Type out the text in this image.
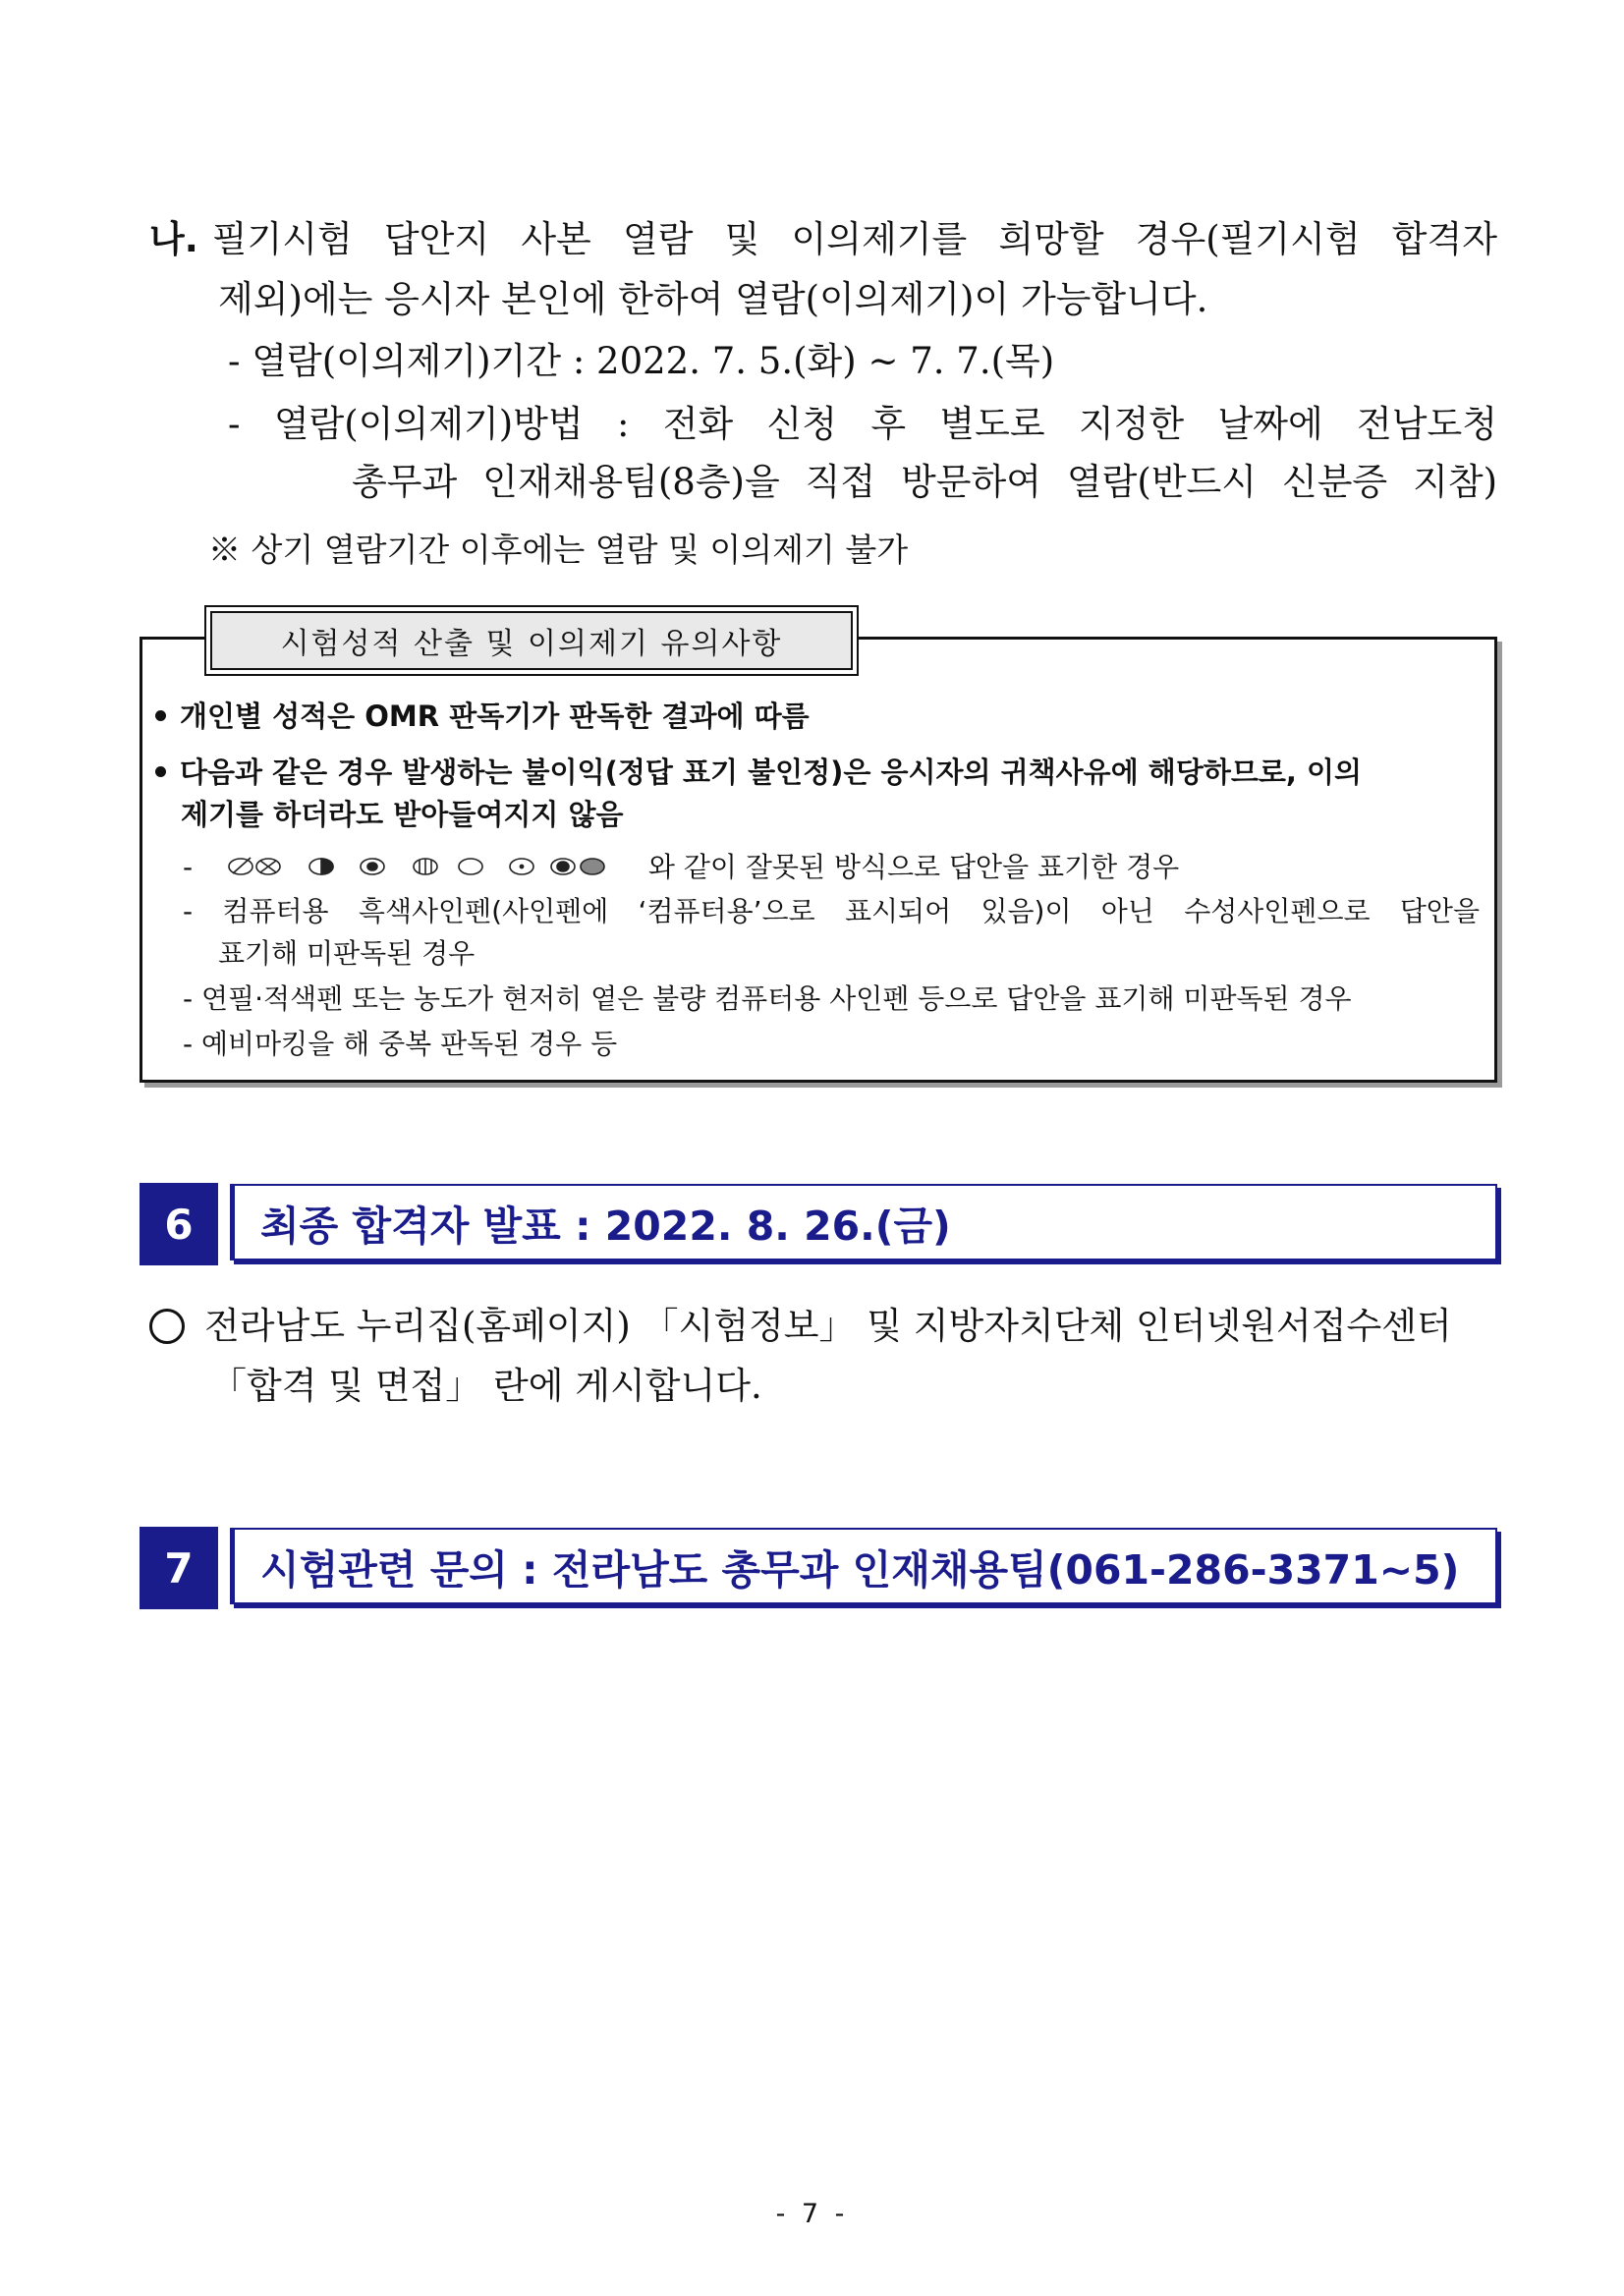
나. 필기시험 답안지 사본 열람 및 이의제기를 희망할 경우(필기시험 합격자
제외)에는 응시자 본인에 한하여 열람(이의제기)이 가능합니다.
- 열람(이의제기)기간 : 2022. 7. 5.(화) ~ 7. 7.(목)
- 열람(이의제기)방법 : 전화 신청 후 별도로 지정한 날짜에 전남도청
총무과 인재채용팀(8층)을 직접 방문하여 열람(반드시 신분증 지참)
※ 상기 열람기간 이후에는 열람 및 이의제기 불가
시험성적 산출 및 이의제기 유의사항
개인별 성적은 OMR 판독기가 판독한 결과에 따름
다음과 같은 경우 발생하는 불이익(정답 표기 불인정)은 응시자의 귀책사유에 해당하므로, 이의
제기를 하더라도 받아들여지지 않음
-	와 같이 잘못된 방식으로 답안을 표기한 경우
- 컴퓨터용 흑색사인펜(사인펜에 ‘컴퓨터용’으로 표시되어 있음)이 아닌 수성사인펜으로 답안을
표기해 미판독된 경우
- 연필·적색펜 또는 농도가 현저히 옅은 불량 컴퓨터용 사인펜 등으로 답안을 표기해 미판독된 경우
- 예비마킹을 해 중복 판독된 경우 등
6	최종 합격자 발표 : 2022. 8. 26.(금)
전라남도 누리집(홈페이지) 「시험정보」 및 지방자치단체 인터넷원서접수센터
「합격 및 면접」 란에 게시합니다.
7	시험관련 문의 : 전라남도 총무과 인재채용팀(061-286-3371~5)
- 7 -
